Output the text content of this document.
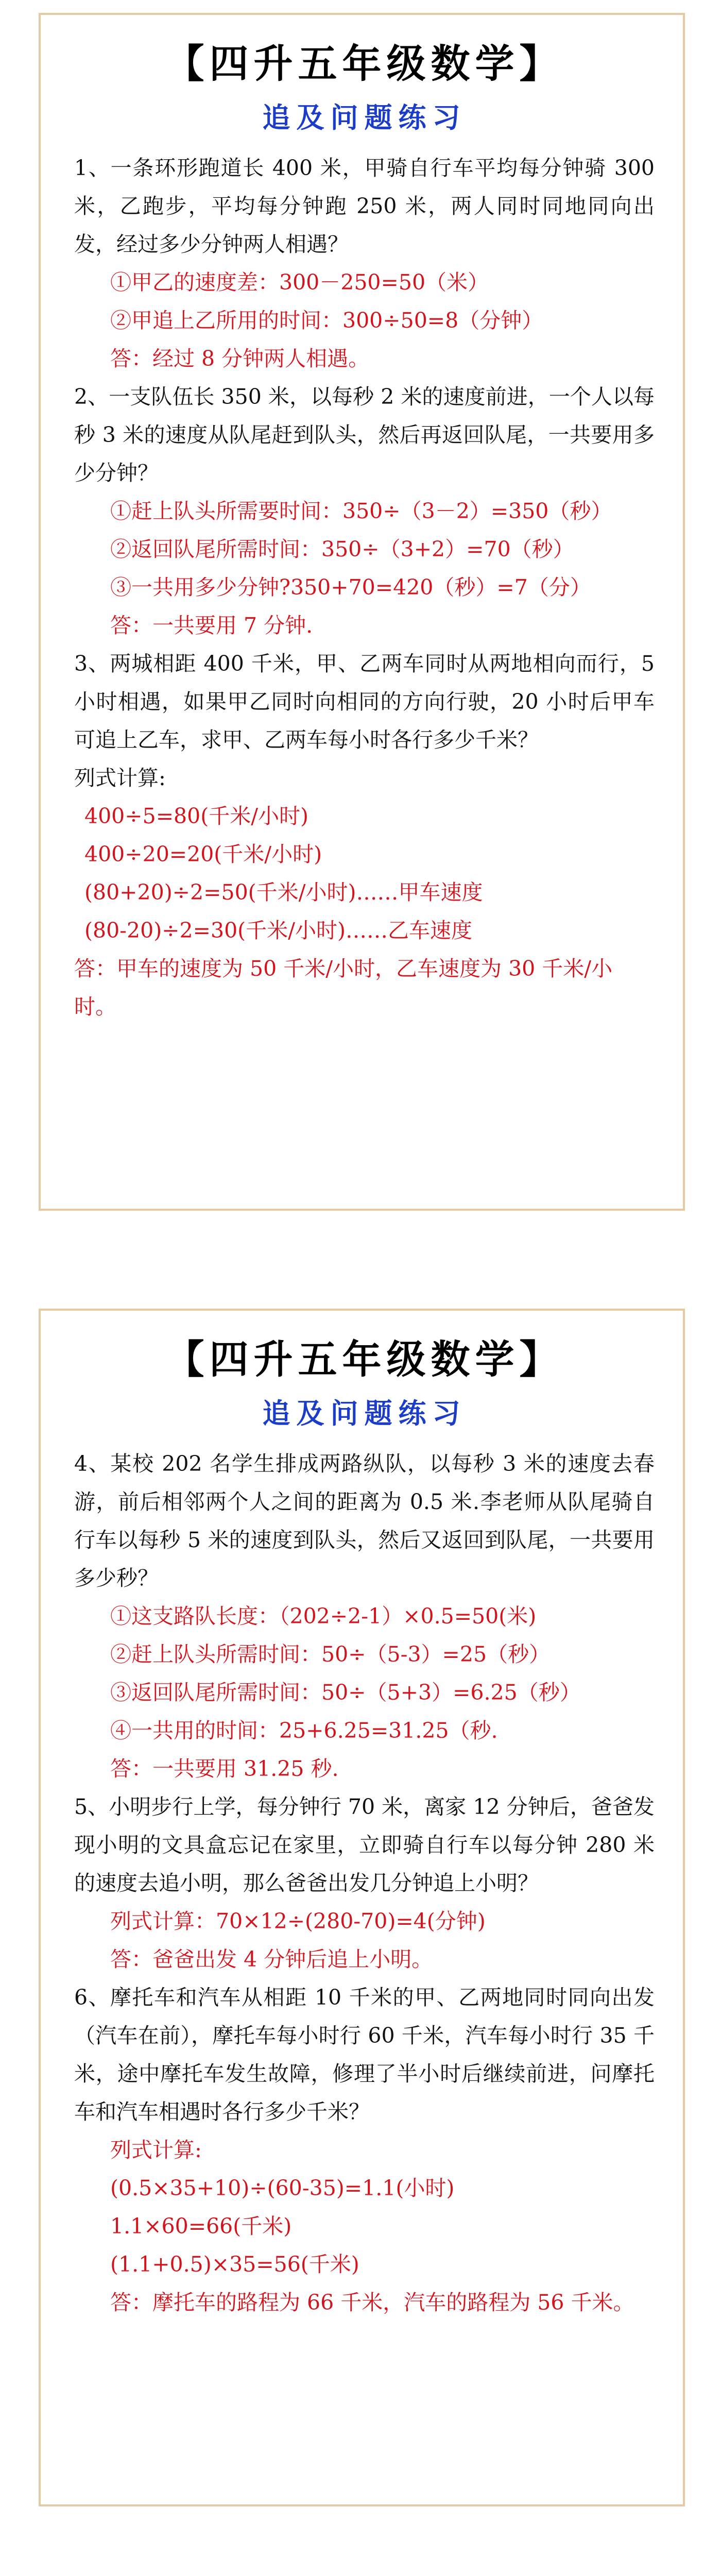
【四升五年级数学】
追及问题练习

1、一条环形跑道长 400 米，甲骑自行车平均每分钟骑 300 米，乙跑步，平均每分钟跑 250 米，两人同时同地同向出发，经过多少分钟两人相遇？

①甲乙的速度差：300－250=50（米）

②甲追上乙所用的时间：300÷50=8（分钟）

答：经过 8 分钟两人相遇。

2、一支队伍长 350 米，以每秒 2 米的速度前进，一个人以每秒 3 米的速度从队尾赶到队头，然后再返回队尾，一共要用多少分钟？

①赶上队头所需要时间：350÷（3－2）=350（秒）

②返回队尾所需时间：350÷（3+2）=70（秒）

③一共用多少分钟?350+70=420（秒）=7（分）

答：一共要用 7 分钟.

3、两城相距 400 千米，甲、乙两车同时从两地相向而行，5 小时相遇，如果甲乙同时向相同的方向行驶，20 小时后甲车可追上乙车，求甲、乙两车每小时各行多少千米？

列式计算:

400÷5=80(千米/小时)

400÷20=20(千米/小时)

(80+20)÷2=50(千米/小时)……甲车速度

(80-20)÷2=30(千米/小时)……乙车速度

答：甲车的速度为 50 千米/小时，乙车速度为 30 千米/小时。

【四升五年级数学】
追及问题练习

4、某校 202 名学生排成两路纵队，以每秒 3 米的速度去春游，前后相邻两个人之间的距离为 0.5 米.李老师从队尾骑自行车以每秒 5 米的速度到队头，然后又返回到队尾，一共要用多少秒？

①这支路队长度：（202÷2-1）×0.5=50(米)

②赶上队头所需时间：50÷（5-3）=25（秒）

③返回队尾所需时间：50÷（5+3）=6.25（秒）

④一共用的时间：25+6.25=31.25（秒.

答：一共要用 31.25 秒.

5、小明步行上学，每分钟行 70 米，离家 12 分钟后，爸爸发现小明的文具盒忘记在家里，立即骑自行车以每分钟 280 米的速度去追小明，那么爸爸出发几分钟追上小明？

列式计算：70×12÷(280-70)=4(分钟)

答：爸爸出发 4 分钟后追上小明。

6、摩托车和汽车从相距 10 千米的甲、乙两地同时同向出发（汽车在前），摩托车每小时行 60 千米，汽车每小时行 35 千米，途中摩托车发生故障，修理了半小时后继续前进，问摩托车和汽车相遇时各行多少千米？

列式计算:

(0.5×35+10)÷(60-35)=1.1(小时)

1.1×60=66(千米)

(1.1+0.5)×35=56(千米)

答：摩托车的路程为 66 千米，汽车的路程为 56 千米。
